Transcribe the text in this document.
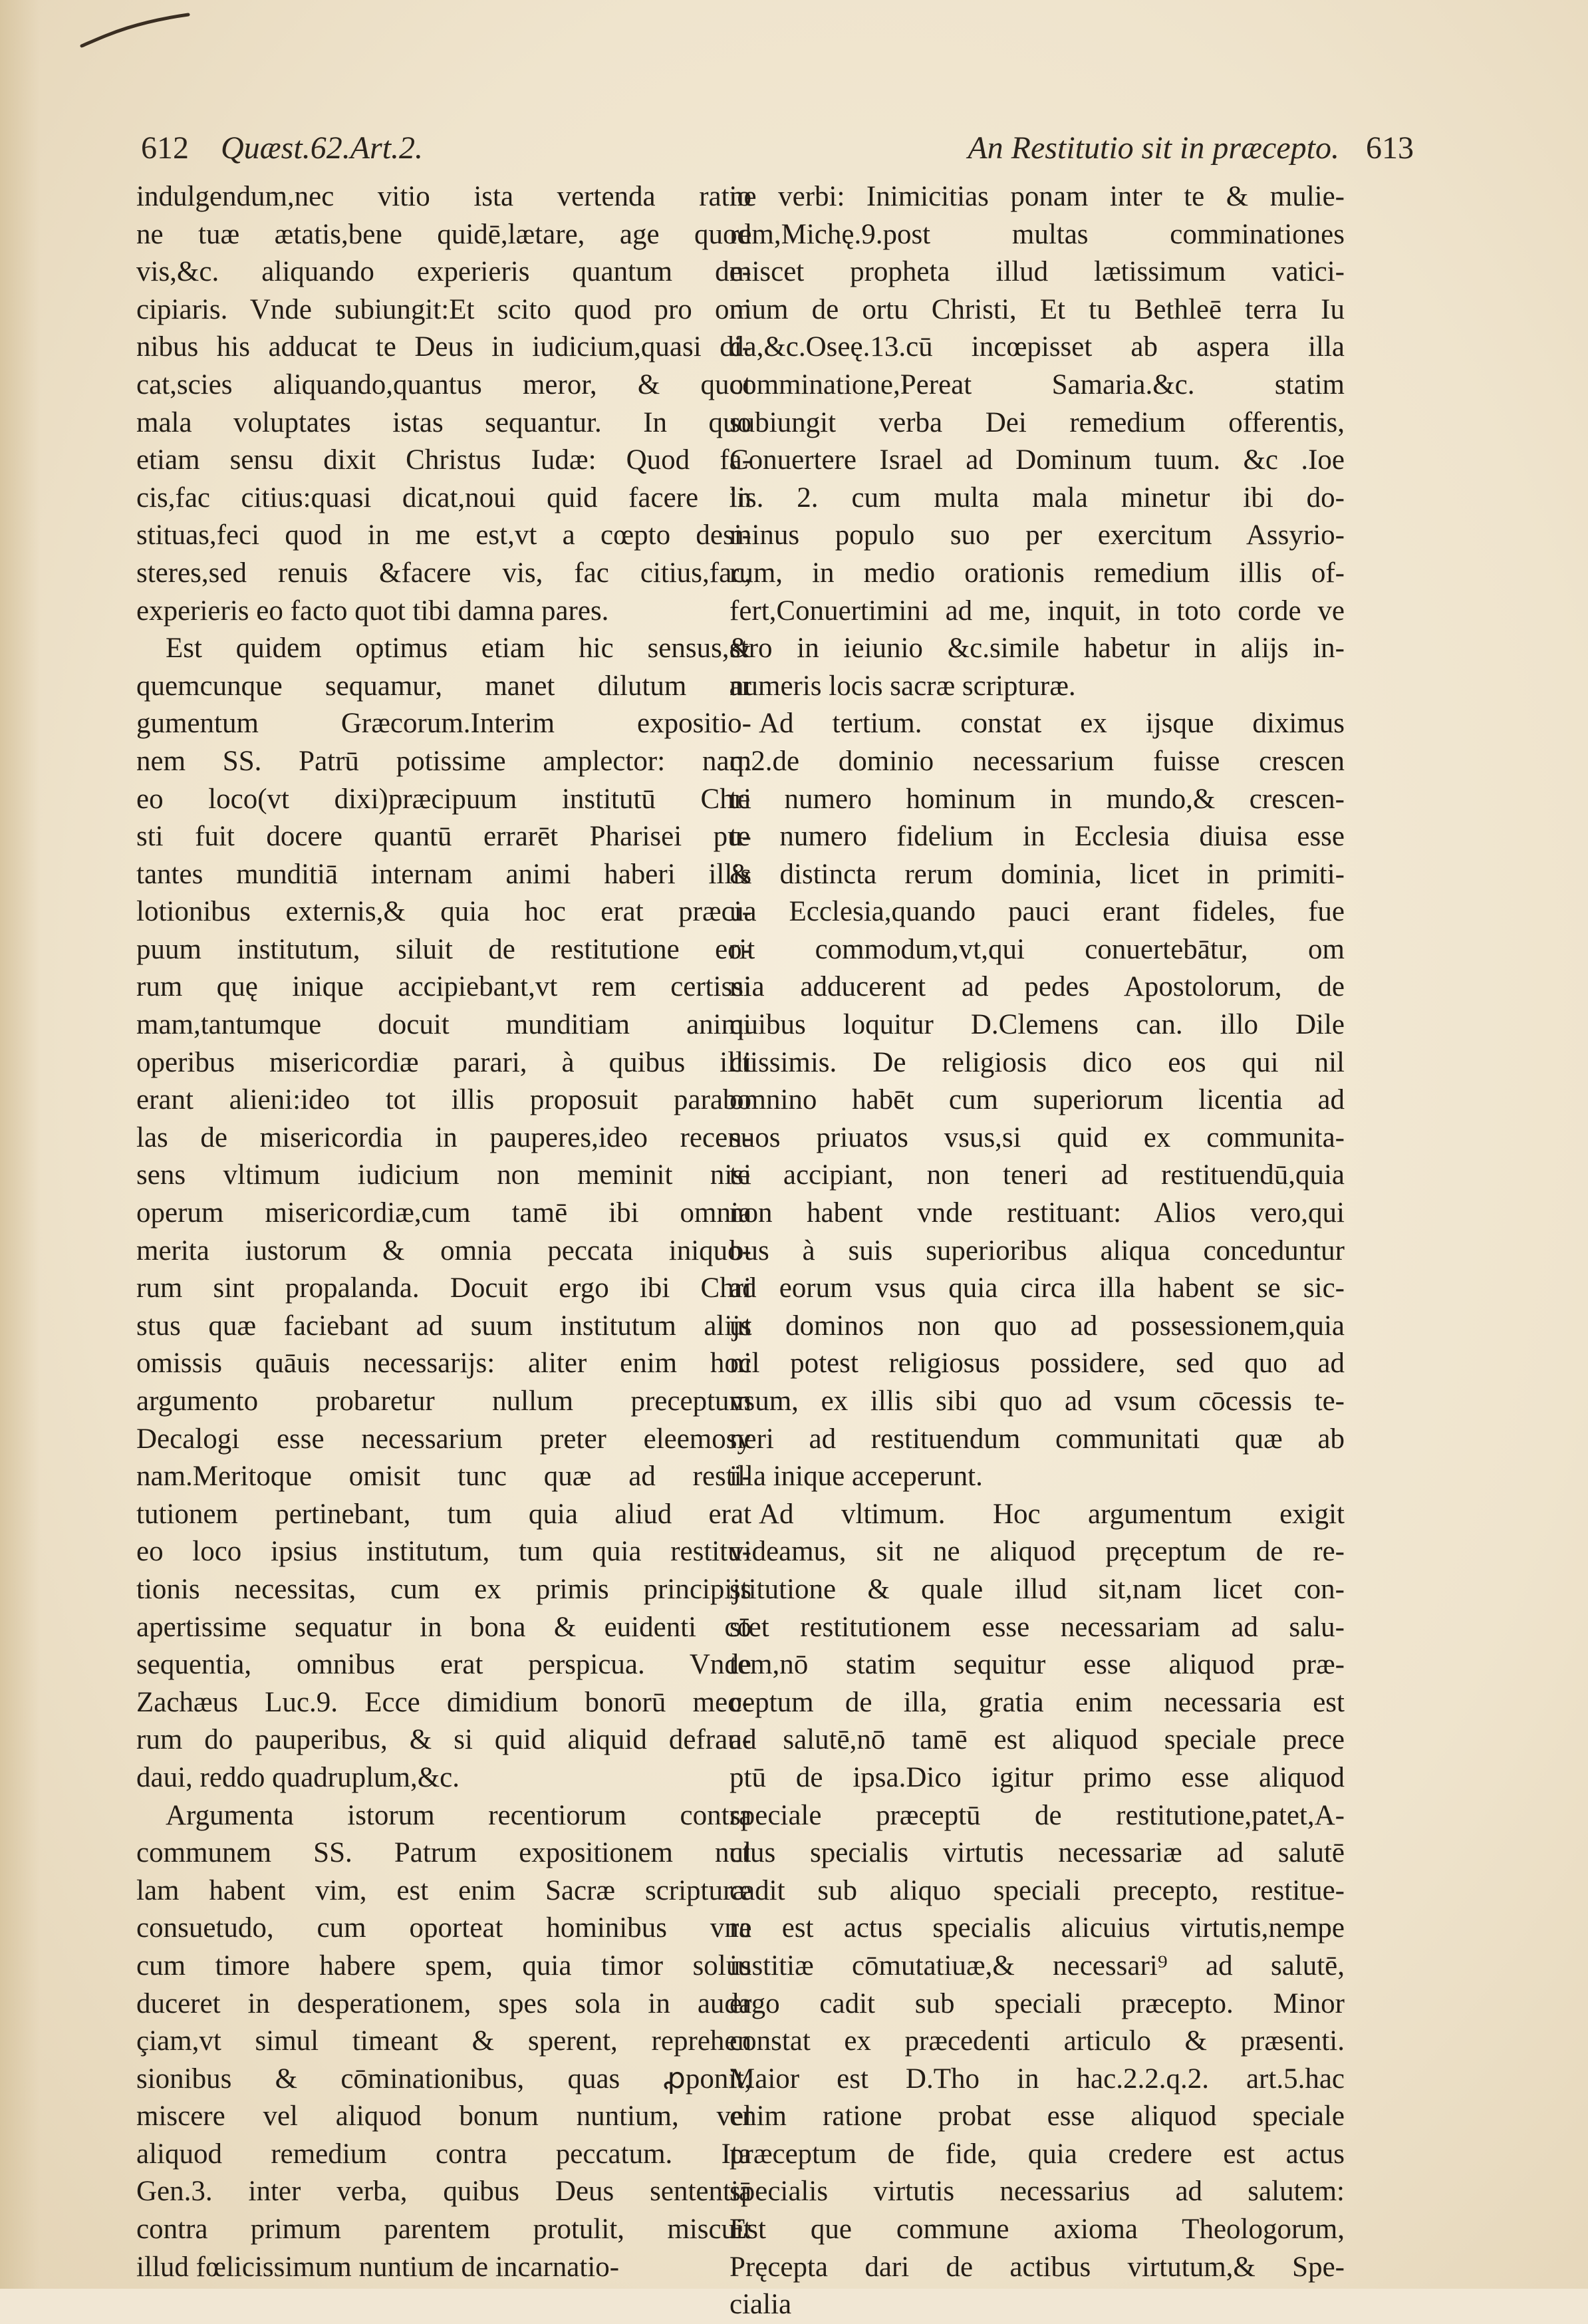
612 Quæst.62.Art.2.	An Restitutio sit in præcepto. 613
indulgendum,nec vitio ista vertenda ratio
ne tuæ ætatis,bene quidē,lætare, age quod
vis,&c. aliquando experieris quantum de-
cipiaris. Vnde subiungit:Et scito quod pro om
nibus his adducat te Deus in iudicium,quasi di-
cat,scies aliquando,quantus meror, & quot
mala voluptates istas sequantur. In quo
etiam sensu dixit Christus Iudæ: Quod fa-
cis,fac citius:quasi dicat,noui quid facere in
stituas,feci quod in me est,vt a cœpto desi-
steres,sed renuis &facere vis, fac citius,fac,
experieris eo facto quot tibi damna pares.
Est quidem optimus etiam hic sensus,&
quemcunque sequamur, manet dilutum ar
gumentum Græcorum.Interim expositio-
nem SS. Patrū potissime amplector: nam
eo loco(vt dixi)præcipuum institutū Chri
sti fuit docere quantū errarēt Pharisei pu-
tantes munditiā internam animi haberi illis
lotionibus externis,& quia hoc erat præci-
puum institutum, siluit de restitutione eo-
rum quę inique accipiebant,vt rem certissi
mam,tantumque docuit munditiam animi
operibus misericordiæ parari, à quibus illi
erant alieni:ideo tot illis proposuit parabo
las de misericordia in pauperes,ideo recen-
sens vltimum iudicium non meminit nisi
operum misericordiæ,cum tamē ibi omnia
merita iustorum & omnia peccata iniquo-
rum sint propalanda. Docuit ergo ibi Chri
stus quæ faciebant ad suum institutum alijs
omissis quāuis necessarijs: aliter enim hoc
argumento probaretur nullum preceptum
Decalogi esse necessarium preter eleemosy
nam.Meritoque omisit tunc quæ ad resti-
tutionem pertinebant, tum quia aliud erat
eo loco ipsius institutum, tum quia restitu-
tionis necessitas, cum ex primis principijs
apertissime sequatur in bona & euidenti cō
sequentia, omnibus erat perspicua. Vnde
Zachæus Luc.9. Ecce dimidium bonorū meo-
rum do pauperibus, & si quid aliquid defrau-
daui, reddo quadruplum,&c.
Argumenta istorum recentiorum contra
communem SS. Patrum expositionem nul
lam habent vim, est enim Sacræ scripturæ
consuetudo, cum oporteat hominibus vna
cum timore habere spem, quia timor solus
duceret in desperationem, spes sola in auda
çiam,vt simul timeant & sperent, reprehen
sionibus & cōminationibus, quas ꝓponit,
miscere vel aliquod bonum nuntium, vel
aliquod remedium contra peccatum. Ita
Gen.3. inter verba, quibus Deus sententiā
contra primum parentem protulit, miscuit
illud fœlicissimum nuntium de incarnatio-
ne verbi: Inimicitias ponam inter te & mulie-
rem,Michę.9.post multas comminationes
miscet propheta illud lætissimum vatici-
nium de ortu Christi, Et tu Bethleē terra Iu
da,&c.Oseę.13.cū incœpisset ab aspera illa
comminatione,Pereat Samaria.&c. statim
subiungit verba Dei remedium offerentis,
Conuertere Israel ad Dominum tuum. &c .Ioe
lis. 2. cum multa mala minetur ibi do-
minus populo suo per exercitum Assyrio-
rum, in medio orationis remedium illis of-
fert,Conuertimini ad me, inquit, in toto corde ve
stro in ieiunio &c.simile habetur in alijs in-
numeris locis sacræ scripturæ.
Ad tertium. constat ex ijsque diximus
q.2.de dominio necessarium fuisse crescen
te numero hominum in mundo,& crescen-
te numero fidelium in Ecclesia diuisa esse
& distincta rerum dominia, licet in primiti-
ua Ecclesia,quando pauci erant fideles, fue
rit commodum,vt,qui conuertebātur, om
nia adducerent ad pedes Apostolorum, de
quibus loquitur D.Clemens can. illo Dile
ctissimis. De religiosis dico eos qui nil
omnino habēt cum superiorum licentia ad
suos priuatos vsus,si quid ex communita-
te accipiant, non teneri ad restituendū,quia
non habent vnde restituant: Alios vero,qui
bus à suis superioribus aliqua conceduntur
ad eorum vsus quia circa illa habent se sic-
ut dominos non quo ad possessionem,quia
nil potest religiosus possidere, sed quo ad
vsum, ex illis sibi quo ad vsum cōcessis te-
neri ad restituendum communitati quæ ab
illa inique acceperunt.
Ad vltimum. Hoc argumentum exigit
videamus, sit ne aliquod pręceptum de re-
stitutione & quale illud sit,nam licet con-
stet restitutionem esse necessariam ad salu-
tem,nō statim sequitur esse aliquod præ-
ceptum de illa, gratia enim necessaria est
ad salutē,nō tamē est aliquod speciale prece
ptū de ipsa.Dico igitur primo esse aliquod
speciale præceptū de restitutione,patet,A-
ctus specialis virtutis necessariæ ad salutē
cadit sub aliquo speciali precepto, restitue-
re est actus specialis alicuius virtutis,nempe
iustitiæ cōmutatiuæ,& necessari⁹ ad salutē,
ergo cadit sub speciali præcepto. Minor
constat ex præcedenti articulo & præsenti.
Maior est D.Tho in hac.2.2.q.2. art.5.hac
enim ratione probat esse aliquod speciale
præceptum de fide, quia credere est actus
specialis virtutis necessarius ad salutem:
Est que commune axioma Theologorum,
Pręcepta dari de actibus virtutum,& Spe-
cialia
